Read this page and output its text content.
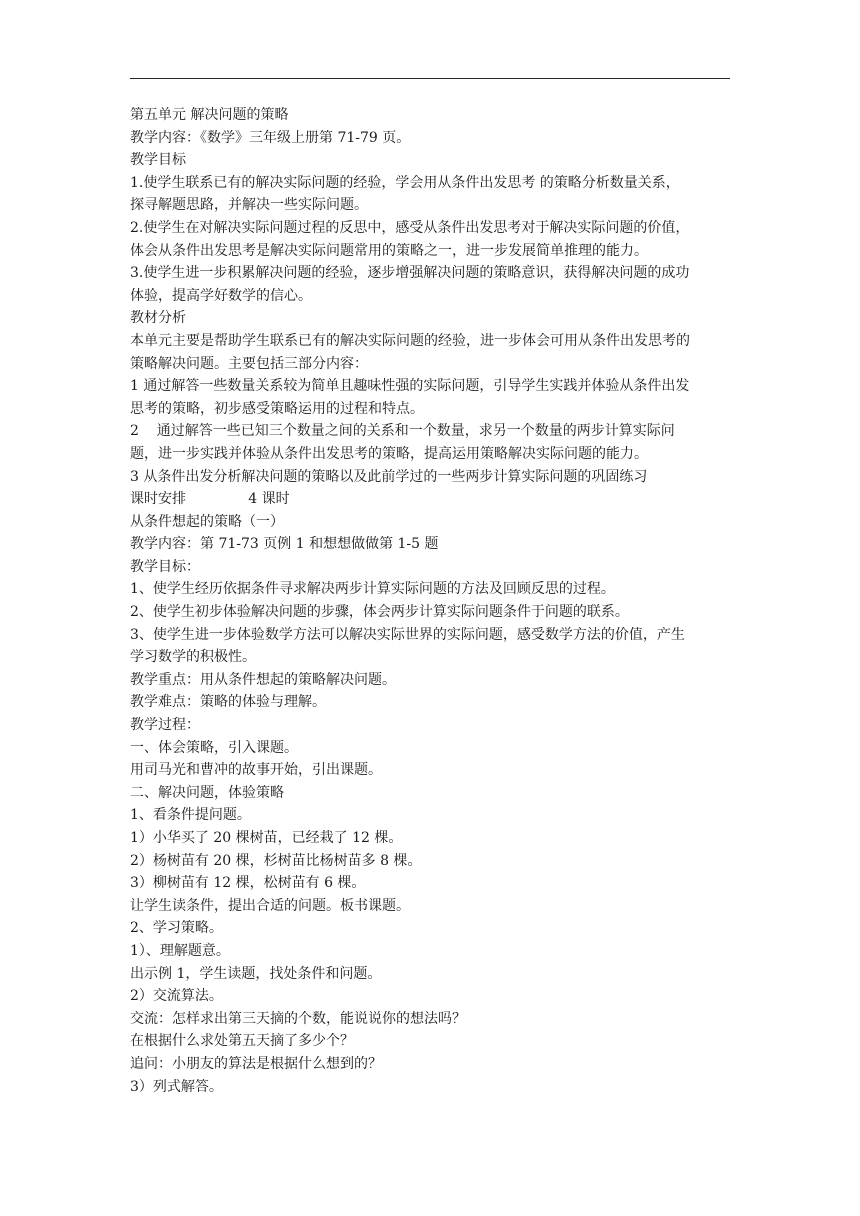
第五单元 解决问题的策略
教学内容：《数学》三年级上册第 71-79 页。
教学目标
1.使学生联系已有的解决实际问题的经验，学会用从条件出发思考 的策略分析数量关系，
探寻解题思路，并解决一些实际问题。
2.使学生在对解决实际问题过程的反思中，感受从条件出发思考对于解决实际问题的价值，
体会从条件出发思考是解决实际问题常用的策略之一，进一步发展简单推理的能力。
3.使学生进一步积累解决问题的经验，逐步增强解决问题的策略意识，获得解决问题的成功
体验，提高学好数学的信心。
教材分析
本单元主要是帮助学生联系已有的解决实际问题的经验，进一步体会可用从条件出发思考的
策略解决问题。主要包括三部分内容：
1 通过解答一些数量关系较为简单且趣味性强的实际问题，引导学生实践并体验从条件出发
思考的策略，初步感受策略运用的过程和特点。
2    通过解答一些已知三个数量之间的关系和一个数量，求另一个数量的两步计算实际问
题，进一步实践并体验从条件出发思考的策略，提高运用策略解决实际问题的能力。
3 从条件出发分析解决问题的策略以及此前学过的一些两步计算实际问题的巩固练习
课时安排              4 课时
从条件想起的策略（一）
教学内容：第 71-73 页例 1 和想想做做第 1-5 题
教学目标：
1、使学生经历依据条件寻求解决两步计算实际问题的方法及回顾反思的过程。
2、使学生初步体验解决问题的步骤，体会两步计算实际问题条件于问题的联系。
3、使学生进一步体验数学方法可以解决实际世界的实际问题，感受数学方法的价值，产生
学习数学的积极性。
教学重点：用从条件想起的策略解决问题。
教学难点：策略的体验与理解。
教学过程：
一、体会策略，引入课题。
用司马光和曹冲的故事开始，引出课题。
二、解决问题，体验策略
1、看条件提问题。
1）小华买了 20 棵树苗，已经栽了 12 棵。
2）杨树苗有 20 棵，杉树苗比杨树苗多 8 棵。
3）柳树苗有 12 棵，松树苗有 6 棵。
让学生读条件，提出合适的问题。板书课题。
2、学习策略。
1）、理解题意。
出示例 1，学生读题，找处条件和问题。
2）交流算法。
交流：怎样求出第三天摘的个数，能说说你的想法吗？
在根据什么求处第五天摘了多少个？
追问：小朋友的算法是根据什么想到的？
3）列式解答。
